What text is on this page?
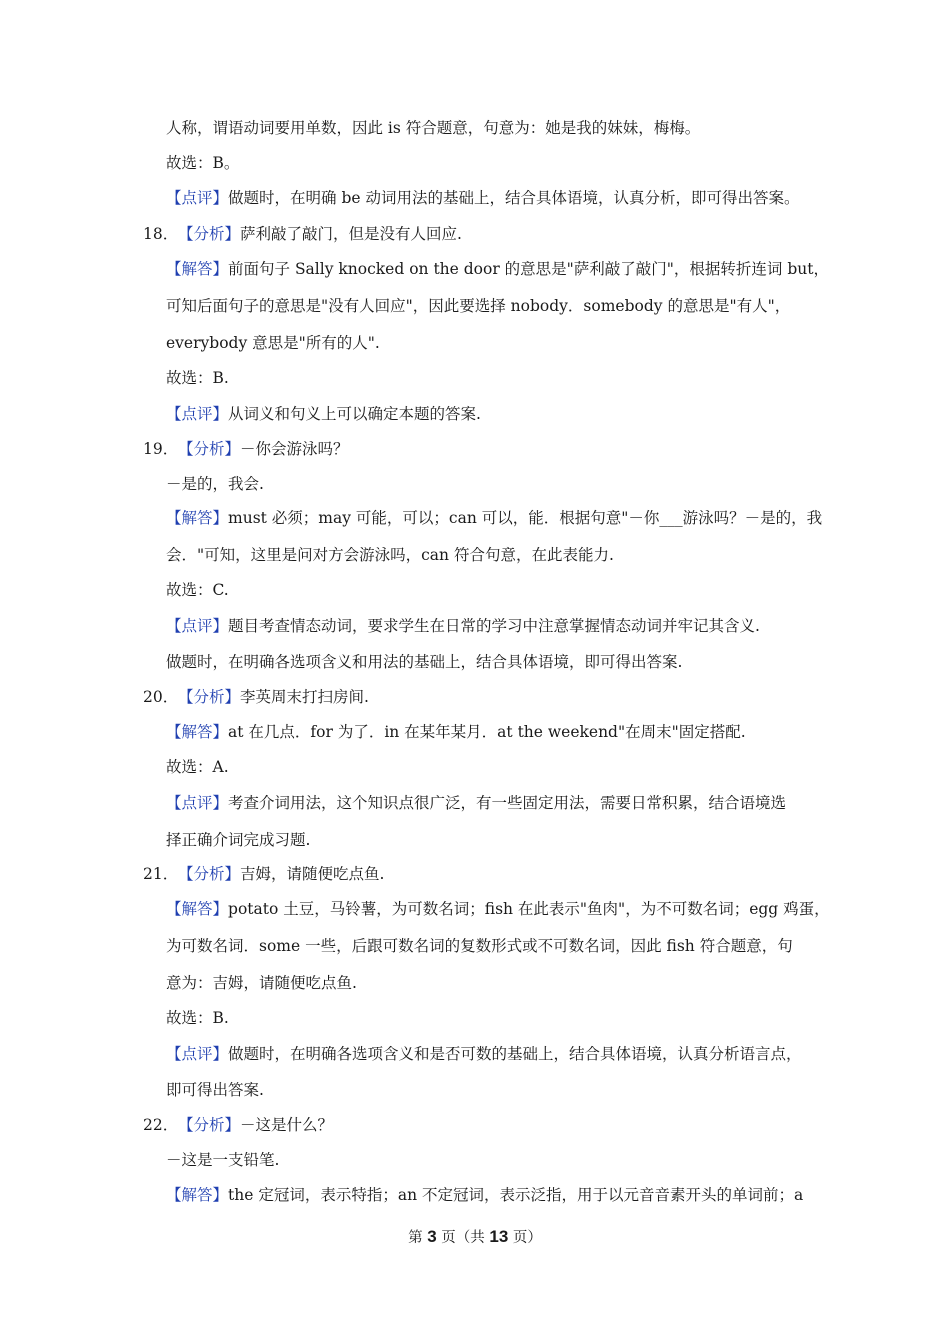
人称，谓语动词要用单数，因此 is 符合题意，句意为：她是我的妹妹，梅梅。
故选：B。
【点评】做题时，在明确 be 动词用法的基础上，结合具体语境，认真分析，即可得出答案。
18． 【分析】萨利敲了敲门，但是没有人回应.
【解答】前面句子 Sally knocked on the door 的意思是"萨利敲了敲门"，根据转折连词 but，
可知后面句子的意思是"没有人回应"，因此要选择 nobody．somebody 的意思是"有人"，
everybody 意思是"所有的人".
故选：B.
【点评】从词义和句义上可以确定本题的答案.
19． 【分析】－你会游泳吗？
－是的，我会.
【解答】must 必须；may 可能，可以；can 可以，能．根据句意"－你___游泳吗？－是的，我
会．"可知，这里是问对方会游泳吗，can 符合句意，在此表能力.
故选：C.
【点评】题目考查情态动词，要求学生在日常的学习中注意掌握情态动词并牢记其含义.
做题时，在明确各选项含义和用法的基础上，结合具体语境，即可得出答案.
20． 【分析】李英周末打扫房间.
【解答】at 在几点．for 为了．in 在某年某月．at the weekend"在周末"固定搭配.
故选：A.
【点评】考查介词用法，这个知识点很广泛，有一些固定用法，需要日常积累，结合语境选
择正确介词完成习题.
21． 【分析】吉姆，请随便吃点鱼.
【解答】potato 土豆，马铃薯，为可数名词；fish 在此表示"鱼肉"，为不可数名词；egg 鸡蛋，
为可数名词．some 一些，后跟可数名词的复数形式或不可数名词，因此 fish 符合题意，句
意为：吉姆，请随便吃点鱼.
故选：B.
【点评】做题时，在明确各选项含义和是否可数的基础上，结合具体语境，认真分析语言点，
即可得出答案.
22． 【分析】－这是什么？
－这是一支铅笔.
【解答】the 定冠词，表示特指；an 不定冠词，表示泛指，用于以元音音素开头的单词前；a
第 3 页（共 13 页）
